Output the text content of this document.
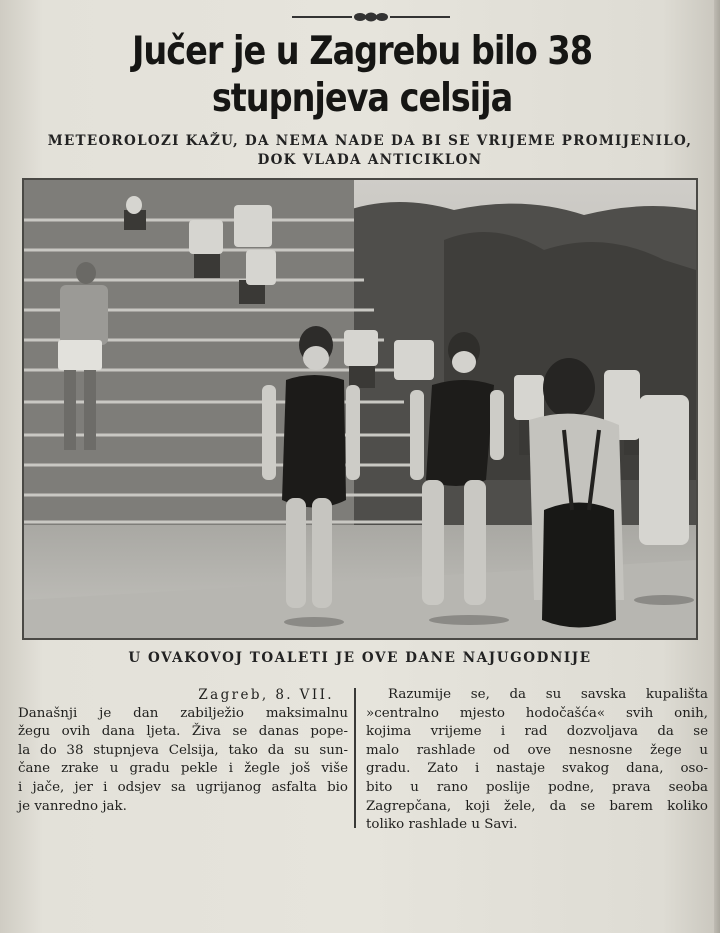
Jučer je u Zagrebu bilo 38 stupnjeva celsija
METEOROLOZI KAŽU, DA NEMA NADE DA BI SE VRIJEME PROMIJENILO,
DOK VLADA ANTICIKLON
U OVAKOVOJ TOALETI JE OVE DANE NAJUGODNIJE
Zagreb, 8. VII.
Današnji je dan zabilježio maksimalnu
žegu ovih dana ljeta. Živa se danas pope-
la do 38 stupnjeva Celsija, tako da su sun-
čane zrake u gradu pekle i žegle još više
i jače, jer i odsjev sa ugrijanog asfalta bio
je vanredno jak.
Razumije se, da su savska kupališta
»centralno mjesto hodočašća« svih onih,
kojima vrijeme i rad dozvoljava da se
malo rashlade od ove nesnosne žege u
gradu. Zato i nastaje svakog dana, oso-
bito u rano poslije podne, prava seoba
Zagrepčana, koji žele, da se barem koliko
toliko rashlade u Savi.
